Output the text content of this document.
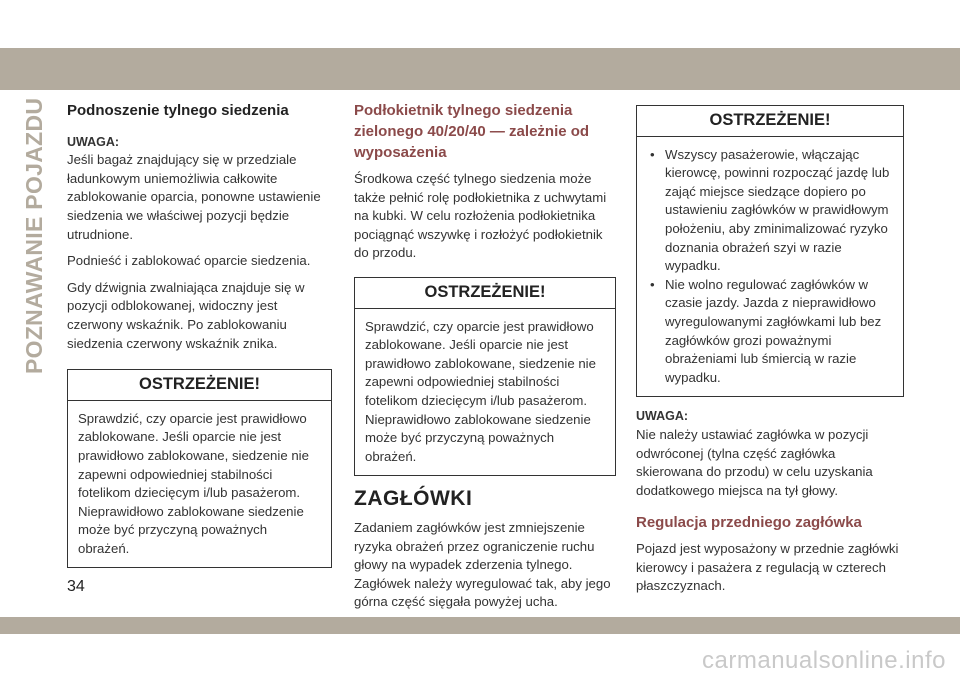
POZNAWANIE POJAZDU Podnoszenie tylnego siedzenia
UWAGA:

Jeśli bagaż znajdujący się w przedziale ładunkowym uniemożliwia całkowite zablokowanie oparcia, ponowne ustawienie siedzenia we właściwej pozycji będzie utrudnione.

Podnieść i zablokować oparcie siedzenia.

Gdy dźwignia zwalniająca znajduje się w pozycji odblokowanej, widoczny jest czerwony wskaźnik. Po zablokowaniu siedzenia czerwony wskaźnik znika.

OSTRZEŻENIE!
Sprawdzić, czy oparcie jest prawidłowo zablokowane. Jeśli oparcie nie jest prawidłowo zablokowane, siedzenie nie zapewni odpowiedniej stabilności fotelikom dziecięcym i/lub pasażerom. Nieprawidłowo zablokowane siedzenie może być przyczyną poważnych obrażeń.
Podłokietnik tylnego siedzenia zielonego 40/20/40 — zależnie od wyposażenia

Środkowa część tylnego siedzenia może także pełnić rolę podłokietnika z uchwytami na kubki. W celu rozłożenia podłokietnika pociągnąć wszywkę i rozłożyć podłokietnik do przodu.

OSTRZEŻENIE!
Sprawdzić, czy oparcie jest prawidłowo zablokowane. Jeśli oparcie nie jest prawidłowo zablokowane, siedzenie nie zapewni odpowiedniej stabilności fotelikom dziecięcym i/lub pasażerom. Nieprawidłowo zablokowane siedzenie może być przyczyną poważnych obrażeń.
ZAGŁÓWKI

Zadaniem zagłówków jest zmniejszenie ryzyka obrażeń przez ograniczenie ruchu głowy na wypadek zderzenia tylnego. Zagłówek należy wyregulować tak, aby jego górna część sięgała powyżej ucha.

OSTRZEŻENIE!
• Wszyscy pasażerowie, włączając kierowcę, powinni rozpocząć jazdę lub zająć miejsce siedzące dopiero po ustawieniu zagłówków w prawidłowym położeniu, aby zminimalizować ryzyko doznania obrażeń szyi w razie wypadku.
• Nie wolno regulować zagłówków w czasie jazdy. Jazda z nieprawidłowo wyregulowanymi zagłówkami lub bez zagłówków grozi poważnymi obrażeniami lub śmiercią w razie wypadku.
UWAGA:

Nie należy ustawiać zagłówka w pozycji odwróconej (tylna część zagłówka skierowana do przodu) w celu uzyskania dodatkowego miejsca na tył głowy.

Regulacja przedniego zagłówka

Pojazd jest wyposażony w przednie zagłówki kierowcy i pasażera z regulacją w czterech płaszczyznach.

34
carmanualsonline.info
